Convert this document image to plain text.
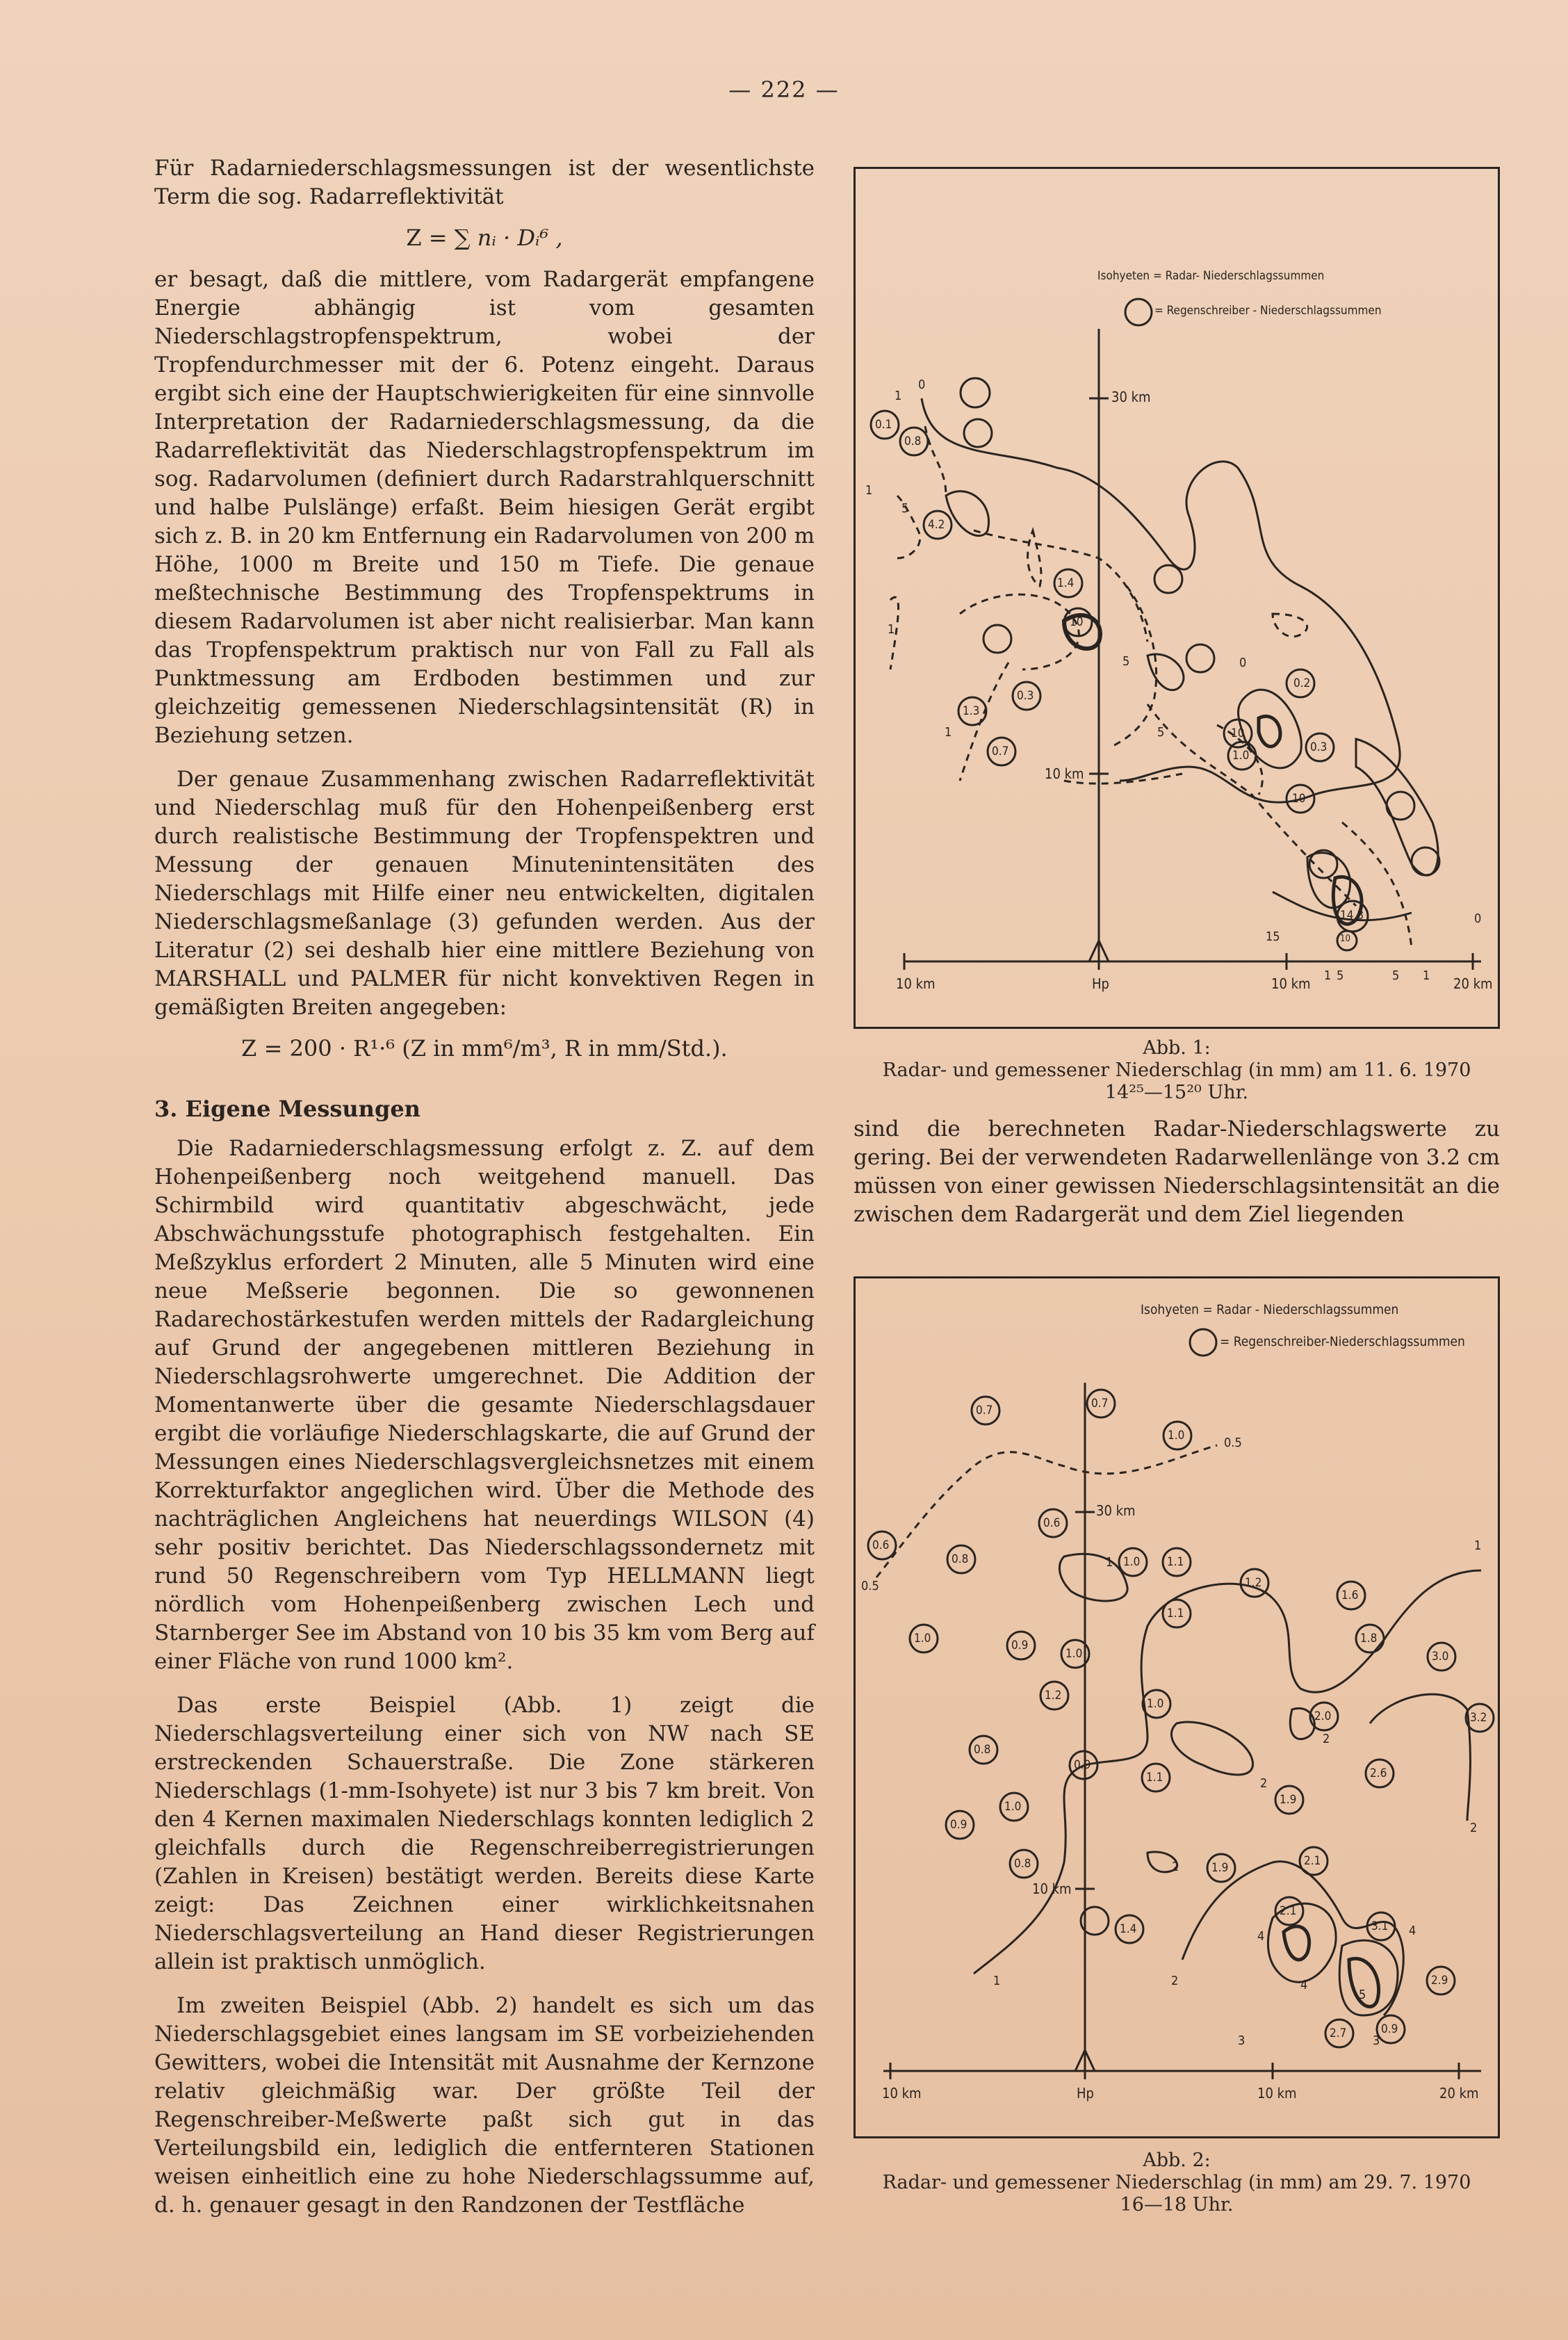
— 222 —

Für Radarniederschlagsmessungen ist der wesentlichste Term die sog. Radarreflektivität

Z = ∑ nᵢ · Dᵢ⁶ ,

er besagt, daß die mittlere, vom Radargerät empfangene Energie abhängig ist vom gesamten Niederschlagstropfenspektrum, wobei der Tropfendurchmesser mit der 6. Potenz eingeht. Daraus ergibt sich eine der Hauptschwierigkeiten für eine sinnvolle Interpretation der Radarniederschlagsmessung, da die Radarreflektivität das Niederschlagstropfenspektrum im sog. Radarvolumen (definiert durch Radarstrahlquerschnitt und halbe Pulslänge) erfaßt. Beim hiesigen Gerät ergibt sich z. B. in 20 km Entfernung ein Radarvolumen von 200 m Höhe, 1000 m Breite und 150 m Tiefe. Die genaue meßtechnische Bestimmung des Tropfenspektrums in diesem Radarvolumen ist aber nicht realisierbar. Man kann das Tropfenspektrum praktisch nur von Fall zu Fall als Punktmessung am Erdboden bestimmen und zur gleichzeitig gemessenen Niederschlagsintensität (R) in Beziehung setzen.

Der genaue Zusammenhang zwischen Radarreflektivität und Niederschlag muß für den Hohenpeißenberg erst durch realistische Bestimmung der Tropfenspektren und Messung der genauen Minutenintensitäten des Niederschlags mit Hilfe einer neu entwickelten, digitalen Niederschlagsmeßanlage (3) gefunden werden. Aus der Literatur (2) sei deshalb hier eine mittlere Beziehung von MARSHALL und PALMER für nicht konvektiven Regen in gemäßigten Breiten angegeben:

Z = 200 · R¹·⁶ (Z in mm⁶/m³, R in mm/Std.).
3. Eigene Messungen

Die Radarniederschlagsmessung erfolgt z. Z. auf dem Hohenpeißenberg noch weitgehend manuell. Das Schirmbild wird quantitativ abgeschwächt, jede Abschwächungsstufe photographisch festgehalten. Ein Meßzyklus erfordert 2 Minuten, alle 5 Minuten wird eine neue Meßserie begonnen. Die so gewonnenen Radarechostärkestufen werden mittels der Radargleichung auf Grund der angegebenen mittleren Beziehung in Niederschlagsrohwerte umgerechnet. Die Addition der Momentanwerte über die gesamte Niederschlagsdauer ergibt die vorläufige Niederschlagskarte, die auf Grund der Messungen eines Niederschlagsvergleichsnetzes mit einem Korrekturfaktor angeglichen wird. Über die Methode des nachträglichen Angleichens hat neuerdings WILSON (4) sehr positiv berichtet. Das Niederschlagssondernetz mit rund 50 Regenschreibern vom Typ HELLMANN liegt nördlich vom Hohenpeißenberg zwischen Lech und Starnberger See im Abstand von 10 bis 35 km vom Berg auf einer Fläche von rund 1000 km².

Das erste Beispiel (Abb. 1) zeigt die Niederschlagsverteilung einer sich von NW nach SE erstreckenden Schauerstraße. Die Zone stärkeren Niederschlags (1-mm-Isohyete) ist nur 3 bis 7 km breit. Von den 4 Kernen maximalen Niederschlags konnten lediglich 2 gleichfalls durch die Regenschreiberregistrierungen (Zahlen in Kreisen) bestätigt werden. Bereits diese Karte zeigt: Das Zeichnen einer wirklichkeitsnahen Niederschlagsverteilung an Hand dieser Registrierungen allein ist praktisch unmöglich.

Im zweiten Beispiel (Abb. 2) handelt es sich um das Niederschlagsgebiet eines langsam im SE vorbeiziehenden Gewitters, wobei die Intensität mit Ausnahme der Kernzone relativ gleichmäßig war. Der größte Teil der Regenschreiber-Meßwerte paßt sich gut in das Verteilungsbild ein, lediglich die entfernteren Stationen weisen einheitlich eine zu hohe Niederschlagssumme auf, d. h. genauer gesagt in den Randzonen der Testfläche

Isohyeten = Radar- Niederschlagssummen
= Regenschreiber - Niederschlagssummen
30 km
10 km
10 km	Hp	10 km	20 km
0.1
0.8
4.2
1.4
10
0.2
0.3
1.3
0.7
10
1.0
0.3
10
14.3
10
1
0
1
5
1
1
5	0
5
15
0
1 5	5 1
Abb. 1:
Radar- und gemessener Niederschlag (in mm) am 11. 6. 1970
14²⁵—15²⁰ Uhr.

sind die berechneten Radar-Niederschlagswerte zu gering. Bei der verwendeten Radarwellenlänge von 3.2 cm müssen von einer gewissen Niederschlagsintensität an die zwischen dem Radargerät und dem Ziel liegenden

Isohyeten = Radar - Niederschlagssummen
= Regenschreiber-Niederschlagssummen
30 km
10 km
10 km	Hp	10 km	20 km
0.7	0.7
1.0
0.6
0.6
0.8	1.0 1.1
1.2
1.6
1.1
1.0	0.9
1.0
1.8
3.0
1.2
1.0
2.0	3.2
0.8
0.9
1.1
1.9
2.6
1.0
0.9
0.8	1.9	2.1
2.1
3.1
1.4
2.9
2.7	0.9
0.5
0.5
1
1
2
2
2
2
4
4
4
5
1	2
3	3
Abb. 2:
Radar- und gemessener Niederschlag (in mm) am 29. 7. 1970
16—18 Uhr.
